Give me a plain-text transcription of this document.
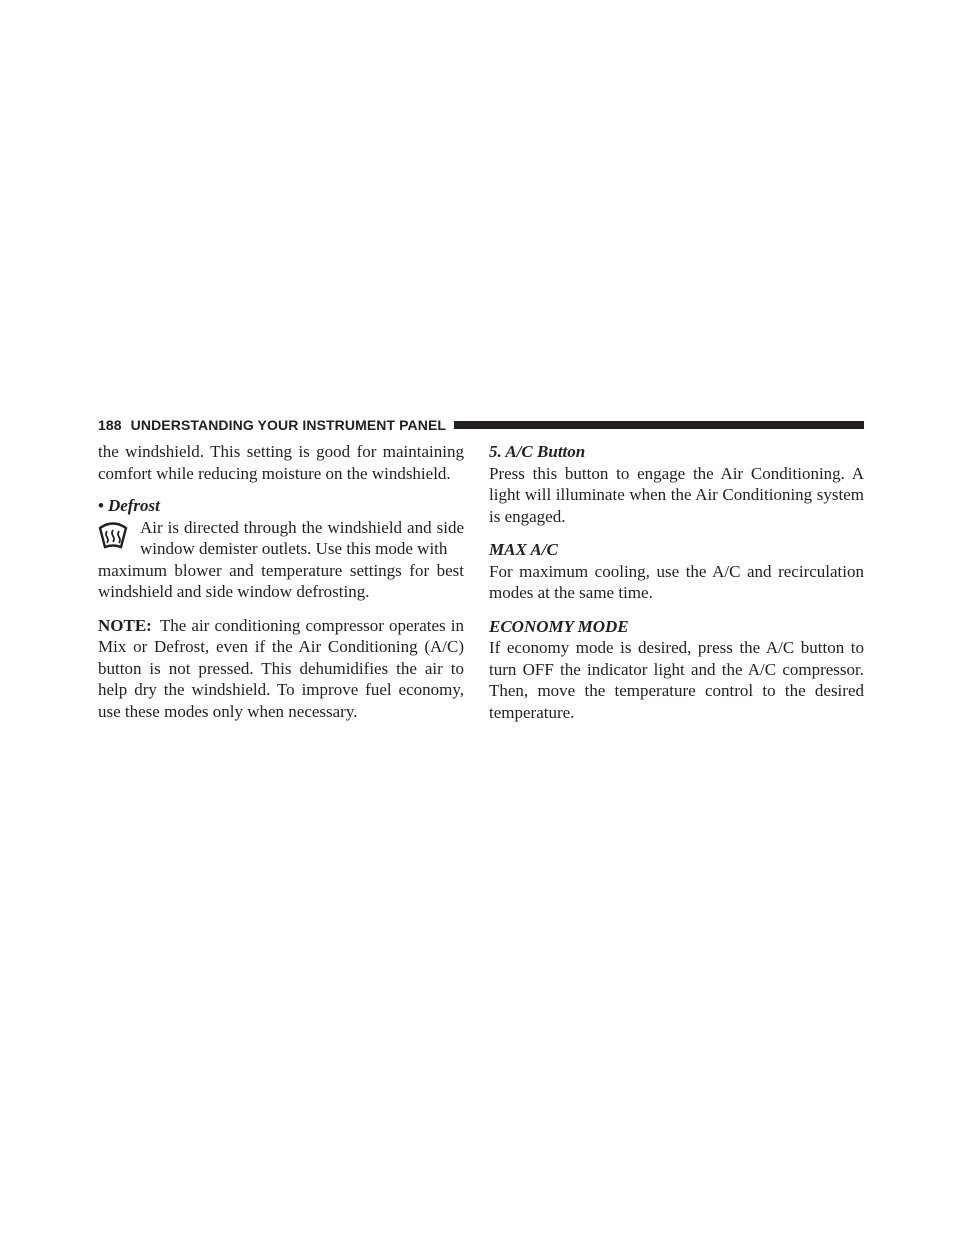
188 UNDERSTANDING YOUR INSTRUMENT PANEL

the windshield. This setting is good for maintaining comfort while reducing moisture on the windshield.

• Defrost
Air is directed through the windshield and side window demister outlets. Use this mode with

maximum blower and temperature settings for best windshield and side window defrosting.

NOTE: The air conditioning compressor operates in Mix or Defrost, even if the Air Conditioning (A/C) button is not pressed. This dehumidifies the air to help dry the windshield. To improve fuel economy, use these modes only when necessary.

5. A/C Button

Press this button to engage the Air Conditioning. A light will illuminate when the Air Conditioning system is engaged.

MAX A/C

For maximum cooling, use the A/C and recirculation modes at the same time.

ECONOMY MODE

If economy mode is desired, press the A/C button to turn OFF the indicator light and the A/C compressor. Then, move the temperature control to the desired temperature.
